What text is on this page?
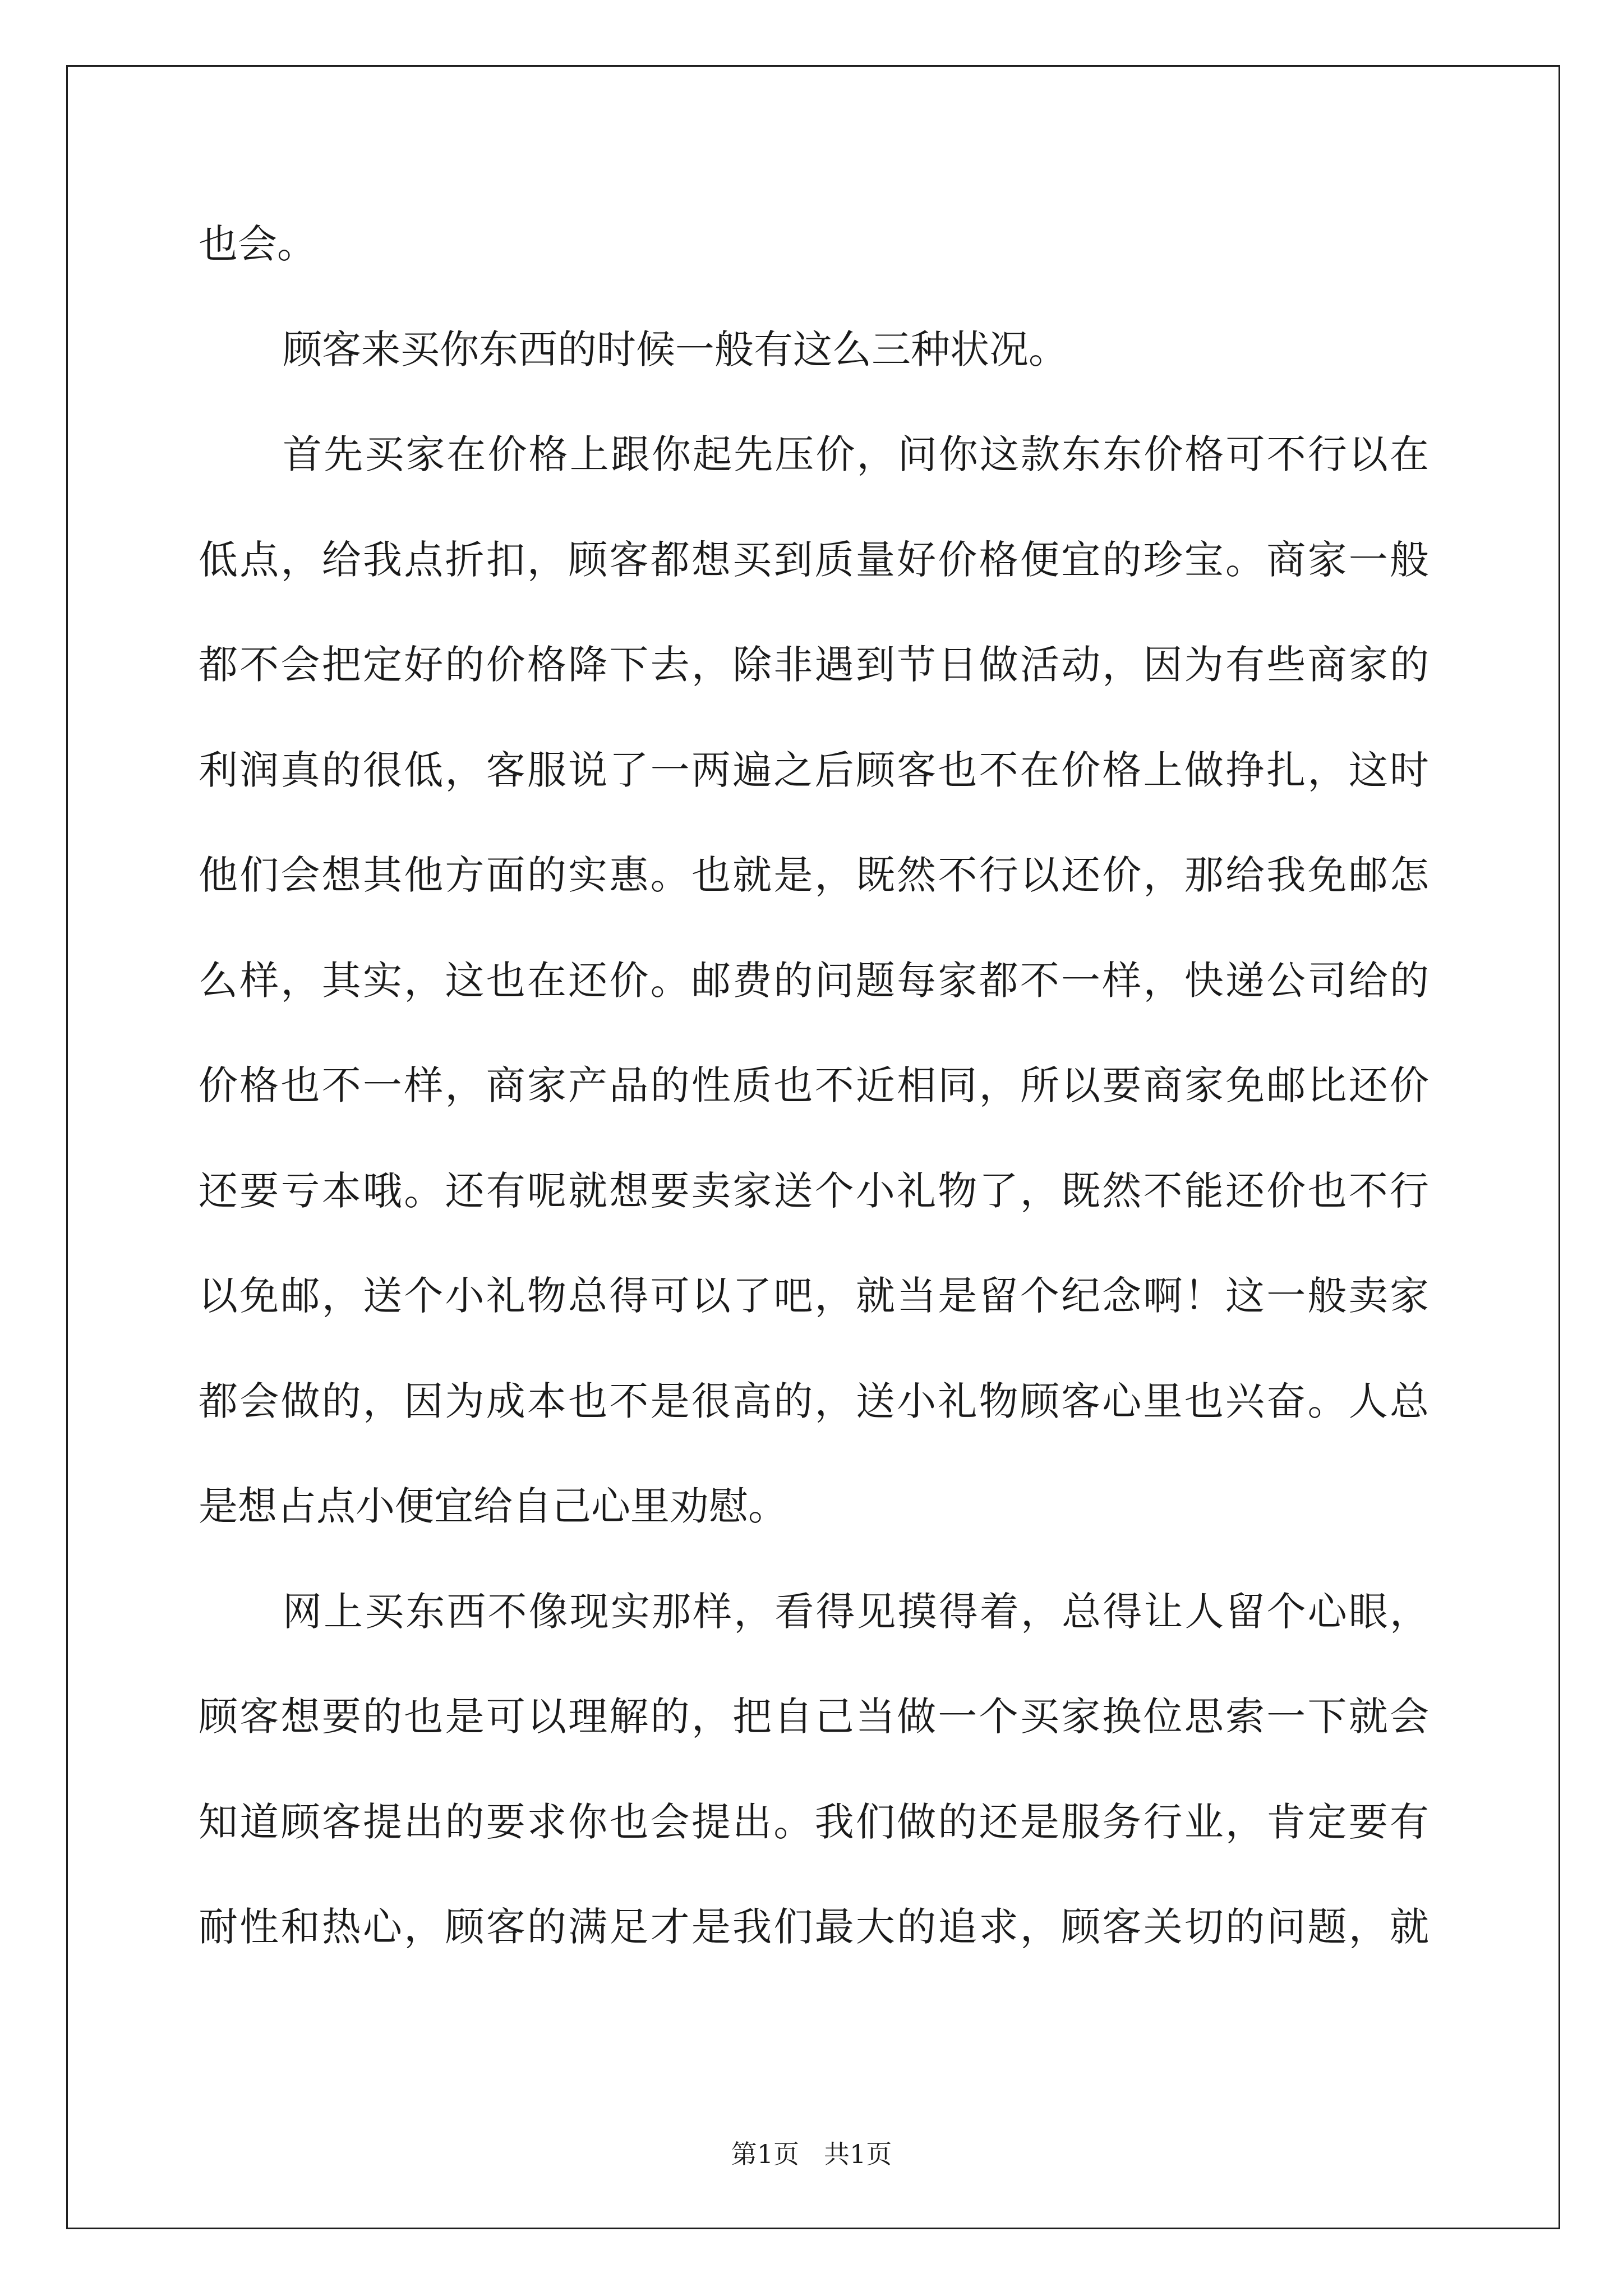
也会。
顾客来买你东西的时候一般有这么三种状况。
首先买家在价格上跟你起先压价，问你这款东东价格可不行以在
低点，给我点折扣，顾客都想买到质量好价格便宜的珍宝。商家一般
都不会把定好的价格降下去，除非遇到节日做活动，因为有些商家的
利润真的很低，客服说了一两遍之后顾客也不在价格上做挣扎，这时
他们会想其他方面的实惠。也就是，既然不行以还价，那给我免邮怎
么样，其实，这也在还价。邮费的问题每家都不一样，快递公司给的
价格也不一样，商家产品的性质也不近相同，所以要商家免邮比还价
还要亏本哦。还有呢就想要卖家送个小礼物了，既然不能还价也不行
以免邮，送个小礼物总得可以了吧，就当是留个纪念啊！这一般卖家
都会做的，因为成本也不是很高的，送小礼物顾客心里也兴奋。人总
是想占点小便宜给自己心里劝慰。
网上买东西不像现实那样，看得见摸得着，总得让人留个心眼，
顾客想要的也是可以理解的，把自己当做一个买家换位思索一下就会
知道顾客提出的要求你也会提出。我们做的还是服务行业，肯定要有
耐性和热心，顾客的满足才是我们最大的追求，顾客关切的问题，就
第1页 共1页
